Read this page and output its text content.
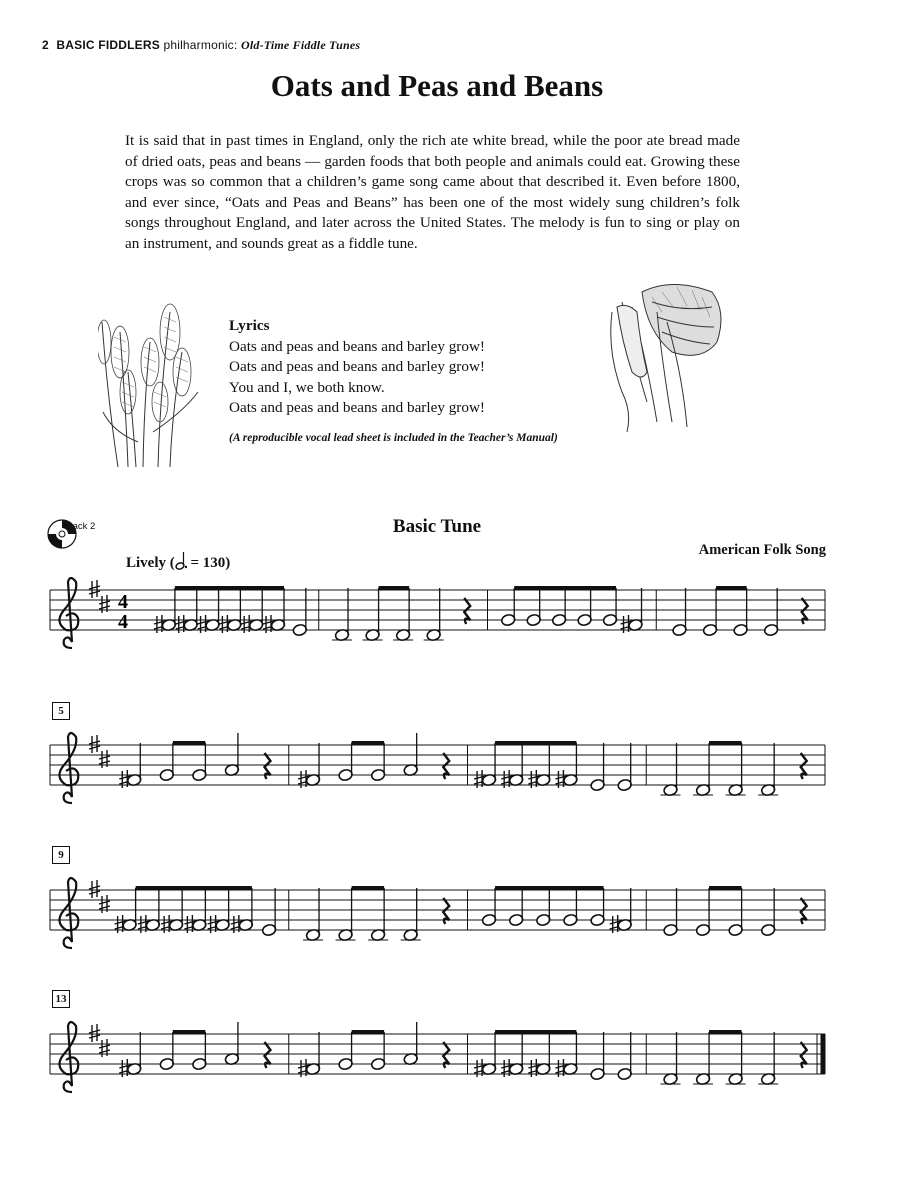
2 BASIC FIDDLERS philharmonic: Old-Time Fiddle Tunes
Oats and Peas and Beans

It is said that in past times in England, only the rich ate white bread, while the poor ate bread made of dried oats, peas and beans — garden foods that both people and animals could eat. Growing these crops was so common that a children’s game song came about that described it. Even before 1800, and ever since, “Oats and Peas and Beans” has been one of the most widely sung children’s folk songs throughout England, and later across the United States. The melody is fun to sing or play on an instrument, and sounds great as a fiddle tune.

Lyrics
Oats and peas and beans and barley grow!
Oats and peas and beans and barley grow!
You and I, we both know.
Oats and peas and beans and barley grow!
(A reproducible vocal lead sheet is included in the Teacher’s Manual)
Track 2	Basic Tune
American Folk Song
Lively ( = 130)
5
9
13
4
4
